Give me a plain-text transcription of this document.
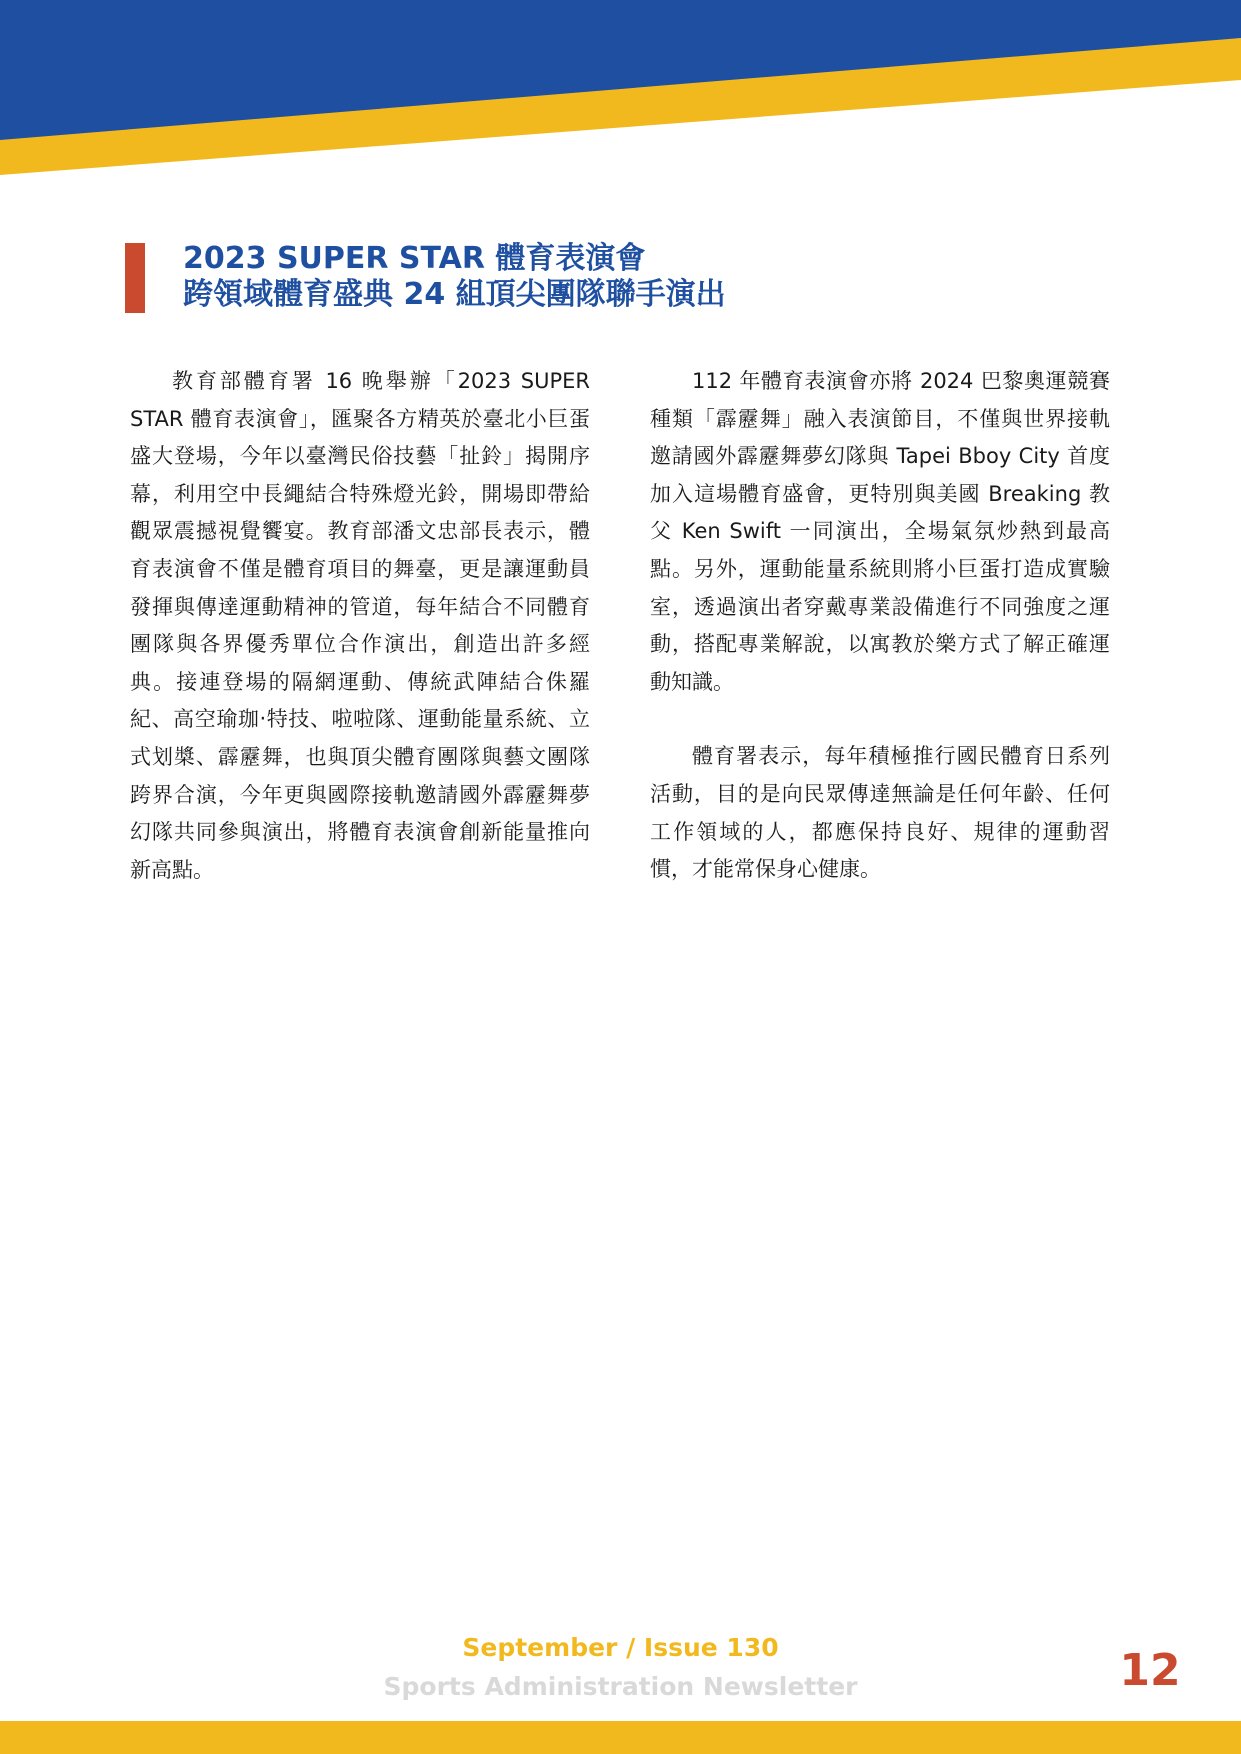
2023 SUPER STAR 體育表演會
跨領域體育盛典 24 組頂尖團隊聯手演出

教育部體育署 16 晚舉辦「2023 SUPER STAR 體育表演會」，匯聚各方精英於臺北小巨蛋盛大登場，今年以臺灣民俗技藝「扯鈴」揭開序幕，利用空中長繩結合特殊燈光鈴，開場即帶給觀眾震撼視覺饗宴。教育部潘文忠部長表示，體育表演會不僅是體育項目的舞臺，更是讓運動員發揮與傳達運動精神的管道，每年結合不同體育團隊與各界優秀單位合作演出，創造出許多經典。接連登場的隔網運動、傳統武陣結合侏羅紀、高空瑜珈‧特技、啦啦隊、運動能量系統、立式划槳、霹靂舞，也與頂尖體育團隊與藝文團隊跨界合演，今年更與國際接軌邀請國外霹靂舞夢幻隊共同參與演出，將體育表演會創新能量推向新高點。

112 年體育表演會亦將 2024 巴黎奧運競賽種類「霹靂舞」融入表演節目，不僅與世界接軌邀請國外霹靂舞夢幻隊與 Tapei Bboy City 首度加入這場體育盛會，更特別與美國 Breaking 教父 Ken Swift 一同演出，全場氣氛炒熱到最高點。另外，運動能量系統則將小巨蛋打造成實驗室，透過演出者穿戴專業設備進行不同強度之運動，搭配專業解說，以寓教於樂方式了解正確運動知識。

體育署表示，每年積極推行國民體育日系列活動，目的是向民眾傳達無論是任何年齡、任何工作領域的人，都應保持良好、規律的運動習慣，才能常保身心健康。

September / Issue 130
Sports Administration Newsletter	12
